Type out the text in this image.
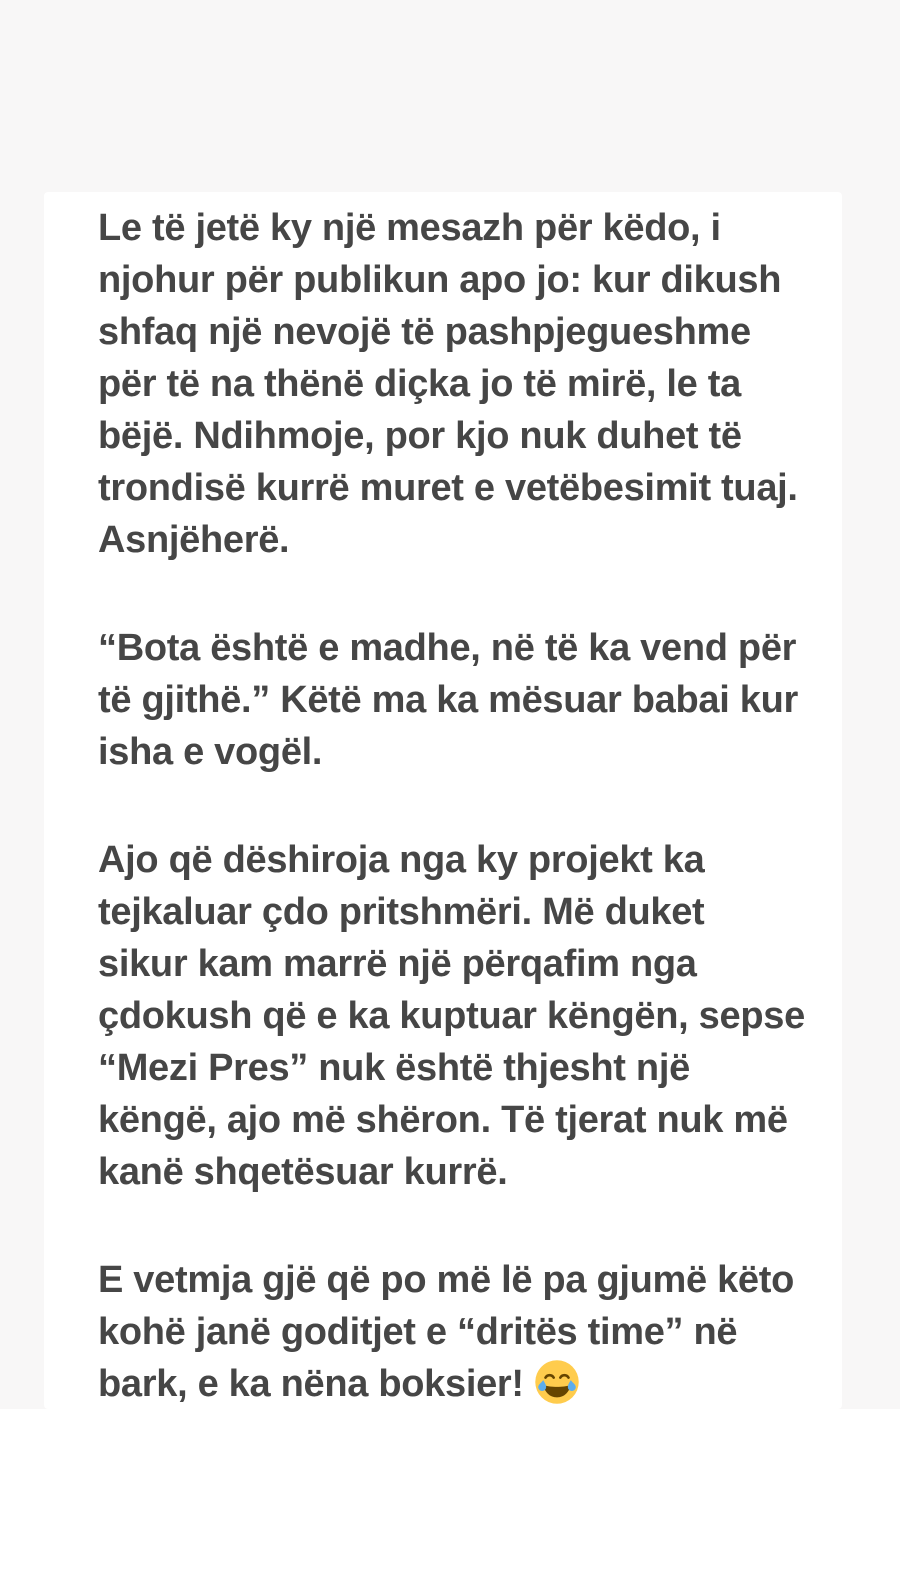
Le të jetë ky një mesazh për këdo, i
njohur për publikun apo jo: kur dikush
shfaq një nevojë të pashpjegueshme
për të na thënë diçka jo të mirë, le ta
bëjë. Ndihmoje, por kjo nuk duhet të
trondisë kurrë muret e vetëbesimit tuaj.
Asnjëherë.
“Bota është e madhe, në të ka vend për
të gjithë.” Këtë ma ka mësuar babai kur
isha e vogël.
Ajo që dëshiroja nga ky projekt ka
tejkaluar çdo pritshmëri. Më duket
sikur kam marrë një përqafim nga
çdokush që e ka kuptuar këngën, sepse
“Mezi Pres” nuk është thjesht një
këngë, ajo më shëron. Të tjerat nuk më
kanë shqetësuar kurrë.
E vetmja gjë që po më lë pa gjumë këto
kohë janë goditjet e “dritës time” në
bark, e ka nëna boksier!
